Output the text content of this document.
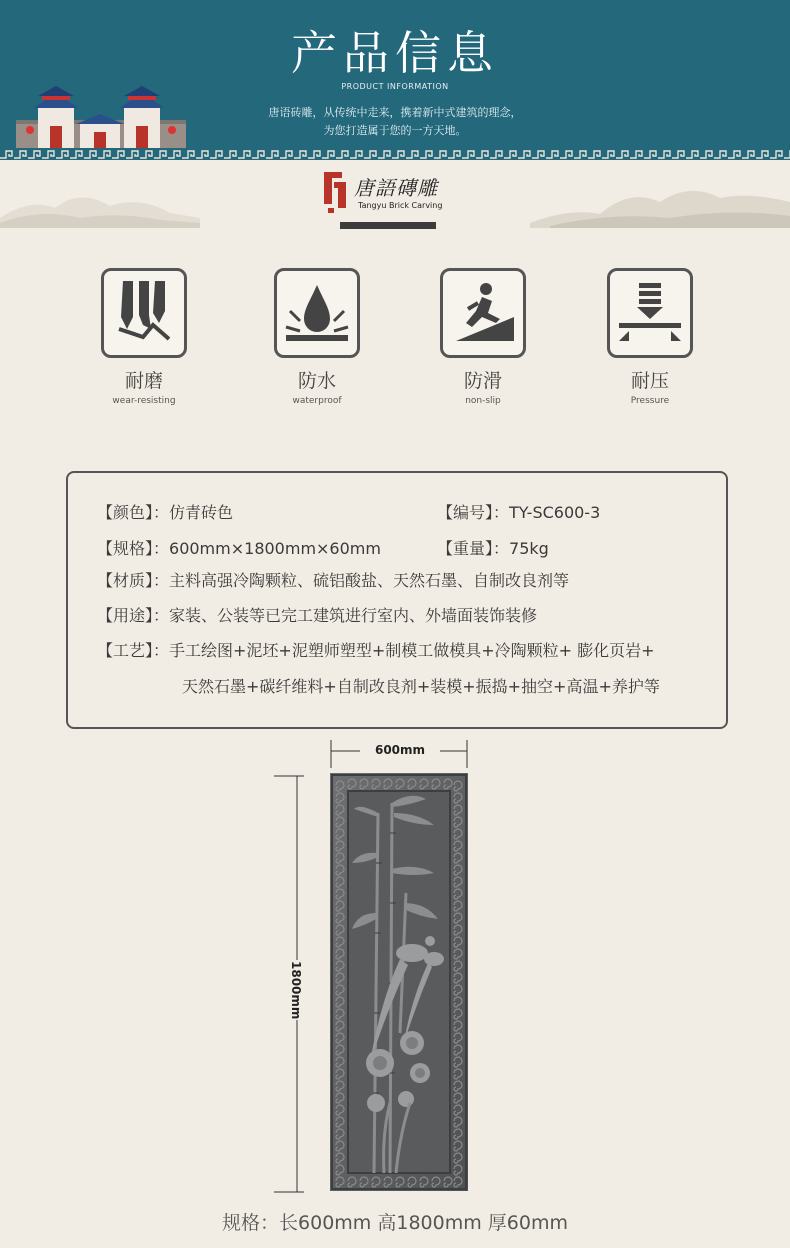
产品信息
PRODUCT INFORMATION
唐语砖雕，从传统中走来，携着新中式建筑的理念，
为您打造属于您的一方天地。
唐語磚雕
Tangyu Brick Carving
耐磨
wear-resisting
防水
waterproof
防滑
non-slip
耐压
Pressure
【颜色】：仿青砖色	【编号】：TY-SC600-3
【规格】：600mm×1800mm×60mm	【重量】：75kg
【材质】：主料高强冷陶颗粒、硫铝酸盐、天然石墨、自制改良剂等
【用途】：家装、公装等已完工建筑进行室内、外墙面装饰装修
【工艺】：手工绘图+泥坯+泥塑师塑型+制模工做模具+冷陶颗粒+ 膨化页岩+
天然石墨+碳纤维料+自制改良剂+装模+振捣+抽空+高温+养护等
600mm
1800mm
规格：长600mm 高1800mm 厚60mm
